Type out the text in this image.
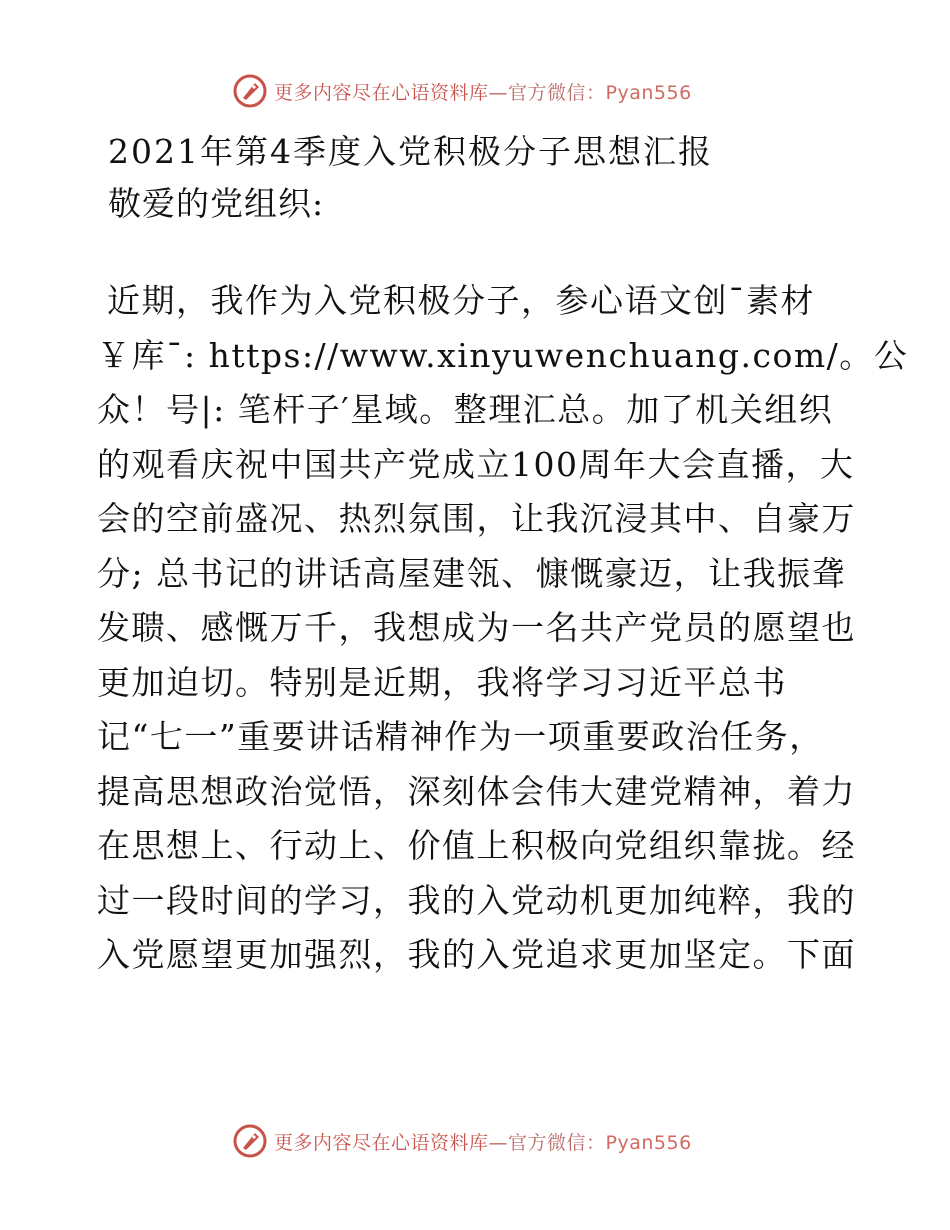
更多内容尽在心语资料库—官方微信：Pyan556
2021年第4季度入党积极分子思想汇报
敬爱的党组织:
近期，我作为入党积极分子，参心语文创¯素材
￥库¯: https://www.xinyuwenchuang.com/。公
众！号|: 笔杆子′星域。整理汇总。加了机关组织
的观看庆祝中国共产党成立100周年大会直播，大
会的空前盛况、热烈氛围，让我沉浸其中、自豪万
分; 总书记的讲话高屋建瓴、慷慨豪迈，让我振聋
发聩、感慨万千，我想成为一名共产党员的愿望也
更加迫切。特别是近期，我将学习习近平总书
记“七一”重要讲话精神作为一项重要政治任务，
提高思想政治觉悟，深刻体会伟大建党精神，着力
在思想上、行动上、价值上积极向党组织靠拢。经
过一段时间的学习，我的入党动机更加纯粹，我的
入党愿望更加强烈，我的入党追求更加坚定。下面
更多内容尽在心语资料库—官方微信：Pyan556
